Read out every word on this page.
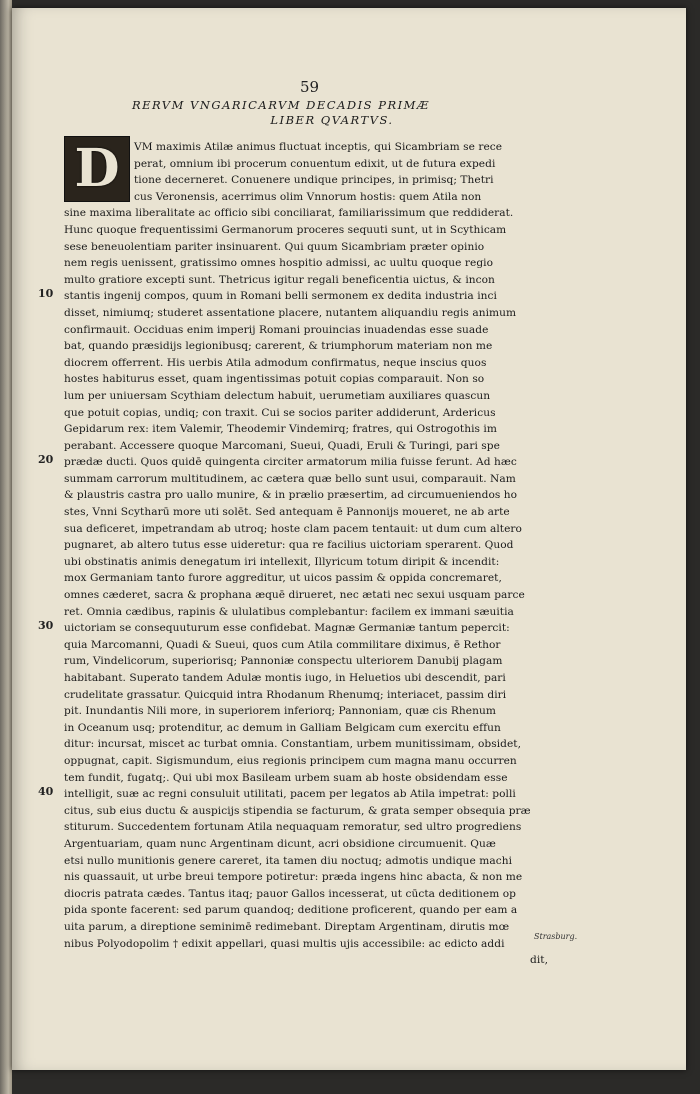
59
RERVM VNGARICARVM DECADIS PRIMÆ

LIBER QVARTVS.
D	VM maximis Atilæ animus fluctuat inceptis, qui Sicambriam se rece
perat, omnium ibi procerum conuentum edixit, ut de futura expedi
tione decerneret. Conuenere undique principes, in primisq; Thetri
cus Veronensis, acerrimus olim Vnnorum hostis: quem Atila non
sine maxima liberalitate ac officio sibi conciliarat, familiarissimum que reddiderat.
Hunc quoque frequentissimi Germanorum proceres sequuti sunt, ut in Scythicam
sese beneuolentiam pariter insinuarent. Qui quum Sicambriam præter opinio
nem regis uenissent, gratissimo omnes hospitio admissi, ac uultu quoque regio
multo gratiore excepti sunt. Thetricus igitur regali beneficentia uictus, & incon
stantis ingenij compos, quum in Romani belli sermonem ex dedita industria inci
disset, nimiumq; studeret assentatione placere, nutantem aliquandiu regis animum
confirmauit. Occiduas enim imperij Romani prouincias inuadendas esse suade
bat, quando præsidijs legionibusq; carerent, & triumphorum materiam non me
diocrem offerrent. His uerbis Atila admodum confirmatus, neque inscius quos
hostes habiturus esset, quam ingentissimas potuit copias comparauit. Non so
lum per uniuersam Scythiam delectum habuit, uerumetiam auxiliares quascun
que potuit copias, undiq; con traxit. Cui se socios pariter addiderunt, Ardericus
Gepidarum rex: item Valemir, Theodemir Vindemirq; fratres, qui Ostrogothis im
perabant. Accessere quoque Marcomani, Sueui, Quadi, Eruli & Turingi, pari spe
prædæ ducti. Quos quidē quingenta circiter armatorum milia fuisse ferunt. Ad hæc
summam carrorum multitudinem, ac cætera quæ bello sunt usui, comparauit. Nam
& plaustris castra pro uallo munire, & in prælio præsertim, ad circumueniendos ho
stes, Vnni Scytharū more uti solēt. Sed antequam ē Pannonijs moueret, ne ab arte
sua deficeret, impetrandam ab utroq; hoste clam pacem tentauit: ut dum cum altero
pugnaret, ab altero tutus esse uideretur: qua re facilius uictoriam sperarent. Quod
ubi obstinatis animis denegatum iri intellexit, Illyricum totum diripit & incendit:
mox Germaniam tanto furore aggreditur, ut uicos passim & oppida concremaret,
omnes cæderet, sacra & prophana æquē dirueret, nec ætati nec sexui usquam parce
ret. Omnia cædibus, rapinis & ululatibus complebantur: facilem ex immani sæuitia
uictoriam se consequuturum esse confidebat. Magnæ Germaniæ tantum pepercit:
quia Marcomanni, Quadi & Sueui, quos cum Atila commilitare diximus, ē Rethor
rum, Vindelicorum, superiorisq; Pannoniæ conspectu ulteriorem Danubij plagam
habitabant. Superato tandem Adulæ montis iugo, in Heluetios ubi descendit, pari
crudelitate grassatur. Quicquid intra Rhodanum Rhenumq; interiacet, passim diri
pit. Inundantis Nili more, in superiorem inferiorq; Pannoniam, quæ cis Rhenum
in Oceanum usq; protenditur, ac demum in Galliam Belgicam cum exercitu effun
ditur: incursat, miscet ac turbat omnia. Constantiam, urbem munitissimam, obsidet,
oppugnat, capit. Sigismundum, eius regionis principem cum magna manu occurren
tem fundit, fugatq;. Qui ubi mox Basileam urbem suam ab hoste obsidendam esse
intelligit, suæ ac regni consuluit utilitati, pacem per legatos ab Atila impetrat: polli
citus, sub eius ductu & auspicijs stipendia se facturum, & grata semper obsequia præ
stiturum. Succedentem fortunam Atila nequaquam remoratur, sed ultro progrediens
Argentuariam, quam nunc Argentinam dicunt, acri obsidione circumuenit. Quæ
etsi nullo munitionis genere careret, ita tamen diu noctuq; admotis undique machi
nis quassauit, ut urbe breui tempore potiretur: præda ingens hinc abacta, & non me
diocris patrata cædes. Tantus itaq; pauor Gallos incesserat, ut cūcta deditionem op
pida sponte facerent: sed parum quandoq; deditione proficerent, quando per eam a
uita parum, a direptione seminimē redimebant. Direptam Argentinam, dirutis mœ
nibus Polyodopolim † edixit appellari, quasi multis ujis accessibile: ac edicto addi
dit,
10
20
30
40
Strasburg.
